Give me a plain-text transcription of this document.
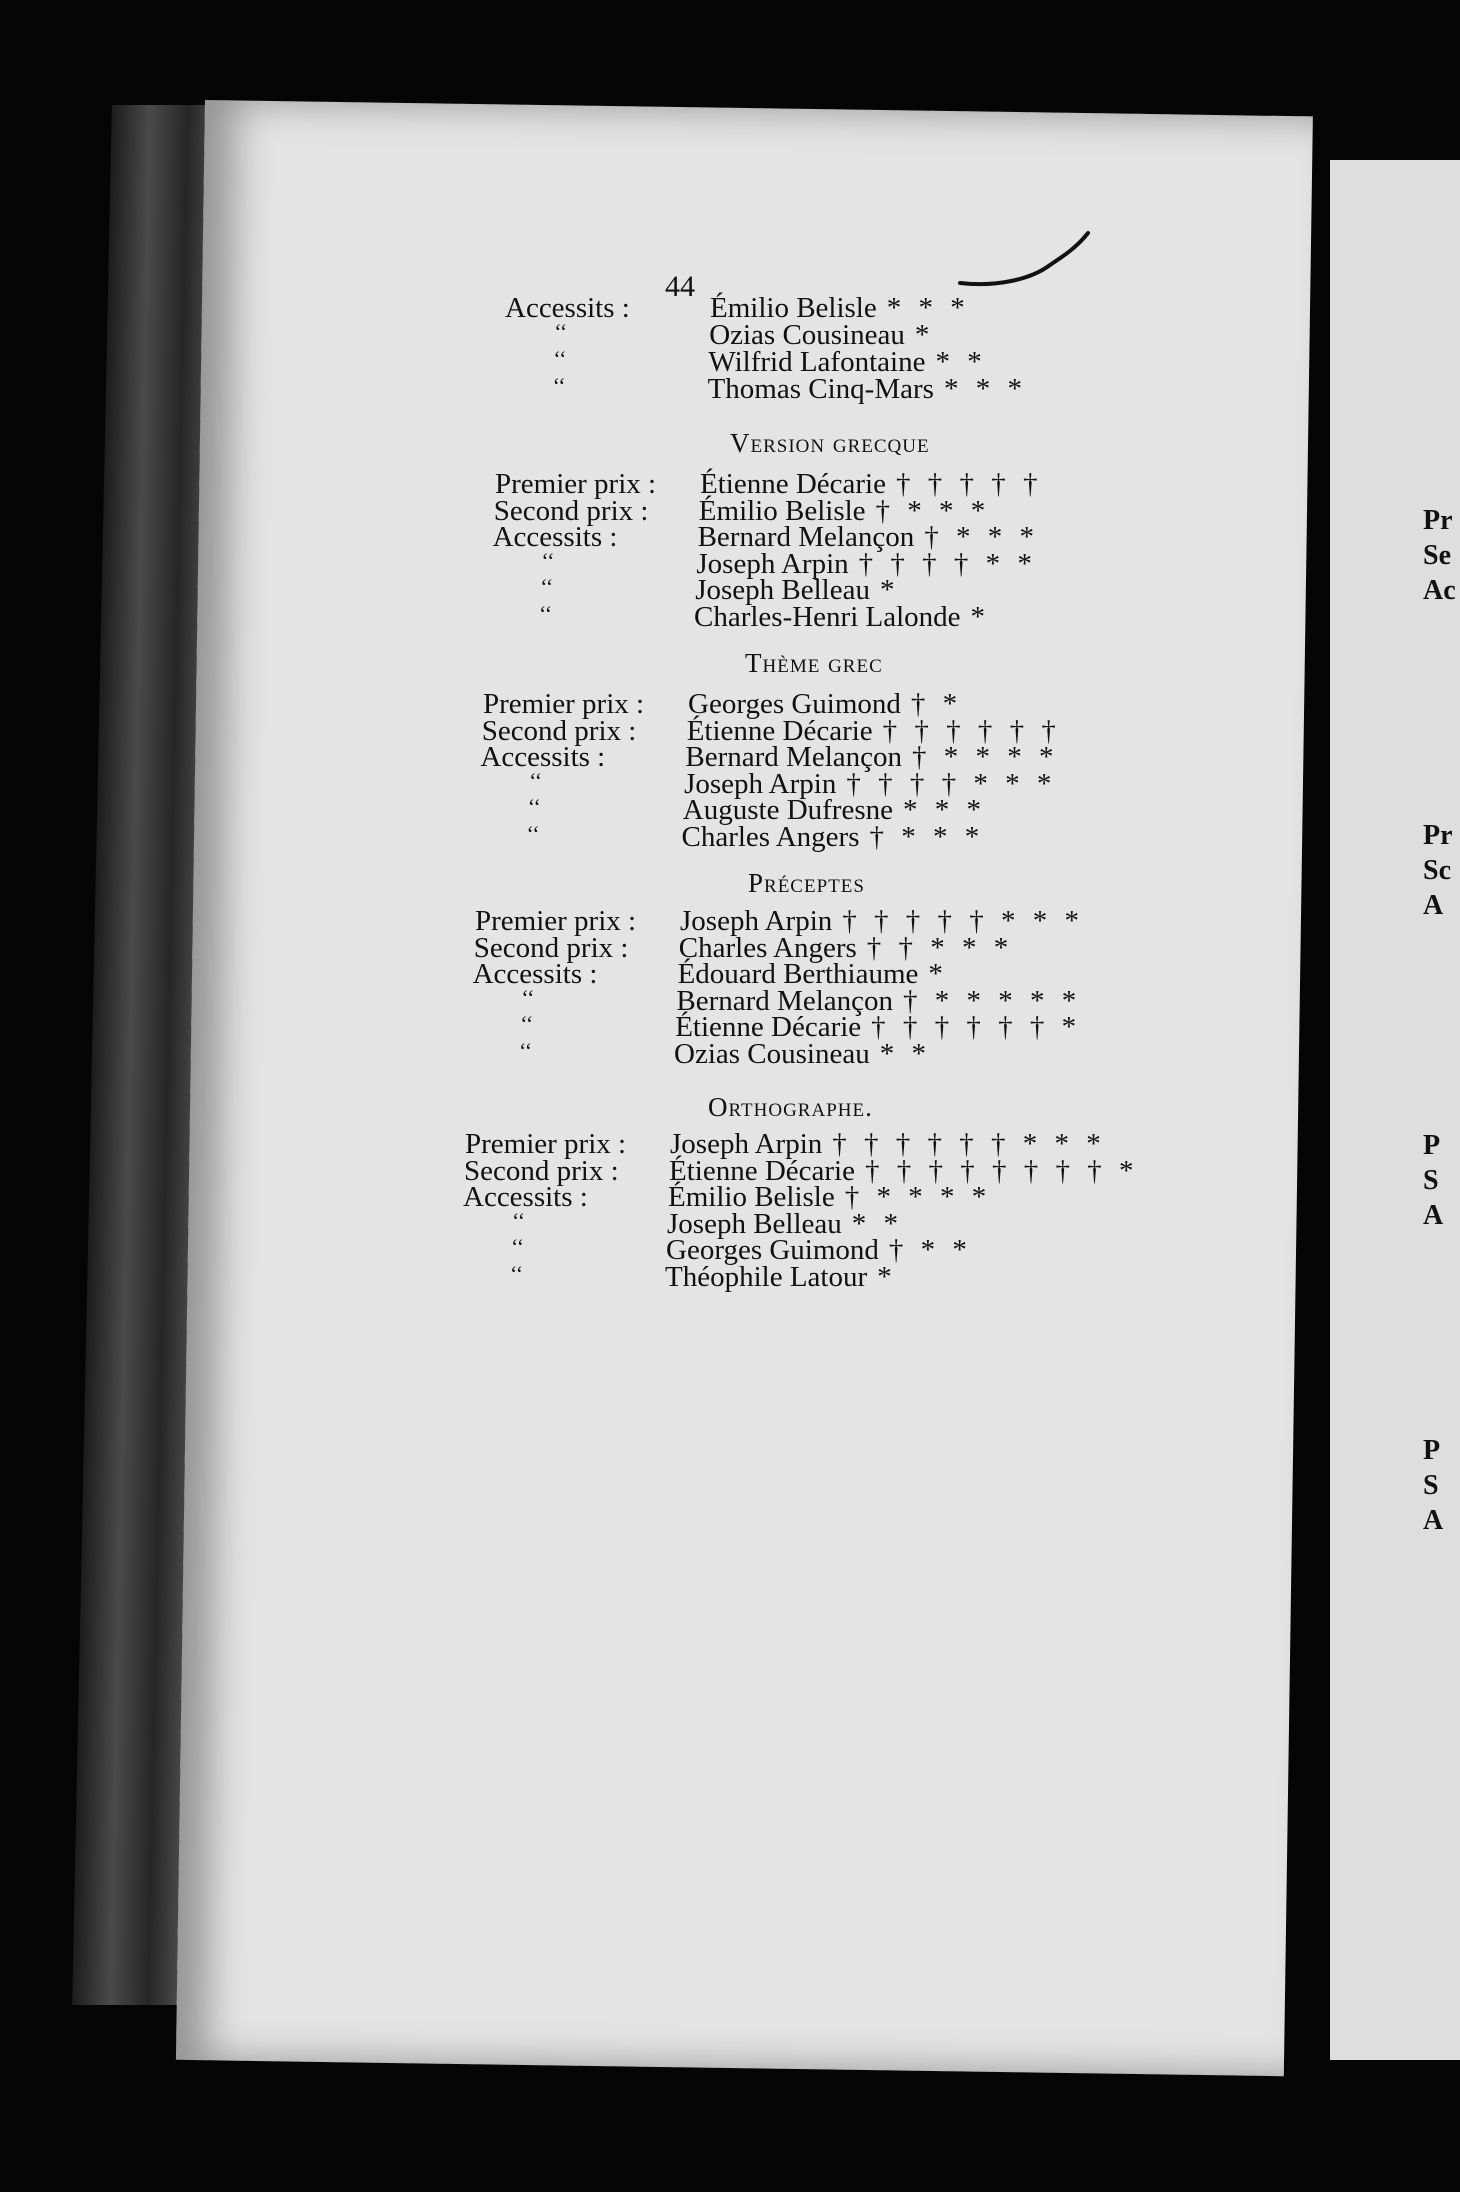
Pr
Se
Ac
Pr
Sc
A
P
S
A
P
S
A
44
Accessits :	Émilio Belisle * * *
‘‘	Ozias Cousineau *
‘‘	Wilfrid Lafontaine * *
‘‘	Thomas Cinq-Mars * * *
Version grecque
Premier prix : Étienne Décarie † † † † †
Second prix : Émilio Belisle † * * *
Accessits :	Bernard Melançon † * * *
‘‘	Joseph Arpin † † † † * *
‘‘	Joseph Belleau *
‘‘	Charles-Henri Lalonde *
Thème grec
Premier prix : Georges Guimond † *
Second prix : Étienne Décarie † † † † † †
Accessits :	Bernard Melançon † * * * *
‘‘	Joseph Arpin † † † † * * *
‘‘	Auguste Dufresne * * *
‘‘	Charles Angers † * * *
Préceptes
Premier prix : Joseph Arpin † † † † † * * *
Second prix : Charles Angers † † * * *
Accessits :	Édouard Berthiaume *
‘‘	Bernard Melançon † * * * * *
‘‘	Étienne Décarie † † † † † † *
‘‘	Ozias Cousineau * *
Orthographe.
Premier prix : Joseph Arpin † † † † † † * * *
Second prix : Étienne Décarie † † † † † † † † *
Accessits :	Émilio Belisle † * * * *
‘‘	Joseph Belleau * *
‘‘	Georges Guimond † * *
‘‘	Théophile Latour *
